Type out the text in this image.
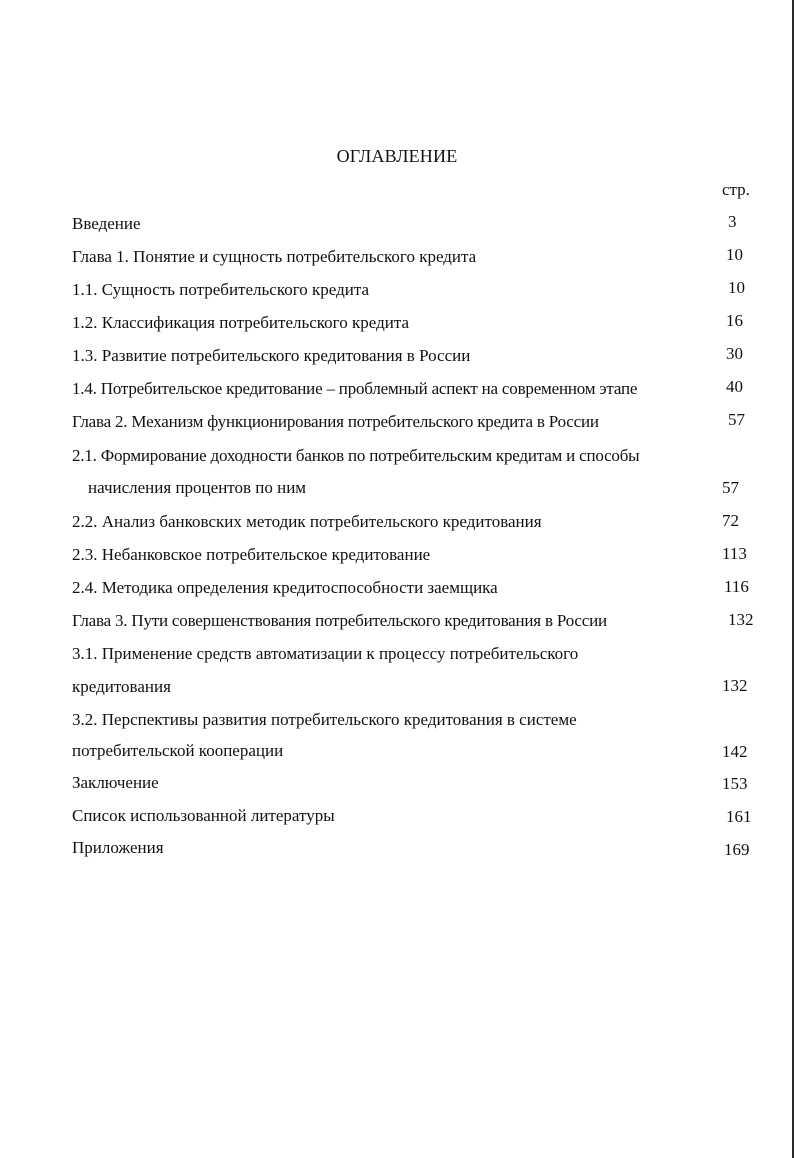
ОГЛАВЛЕНИЕ
стр.
Введение	3
Глава 1. Понятие и сущность потребительского кредита	10
1.1. Сущность потребительского кредита	10
1.2. Классификация потребительского кредита	16
1.3. Развитие потребительского кредитования в России	30
1.4. Потребительское кредитование – проблемный аспект на современном этапе	40
Глава 2. Механизм функционирования потребительского кредита в России	57
2.1. Формирование доходности банков по потребительским кредитам и способы
начисления процентов по ним	57
2.2. Анализ банковских методик потребительского кредитования	72
2.3. Небанковское потребительское кредитование	113
2.4. Методика определения кредитоспособности заемщика	116
Глава 3. Пути совершенствования потребительского кредитования в России	132
3.1. Применение средств автоматизации к процессу потребительского
кредитования	132
3.2. Перспективы развития потребительского кредитования в системе
потребительской кооперации	142
Заключение	153
Список использованной литературы	161
Приложения	169
